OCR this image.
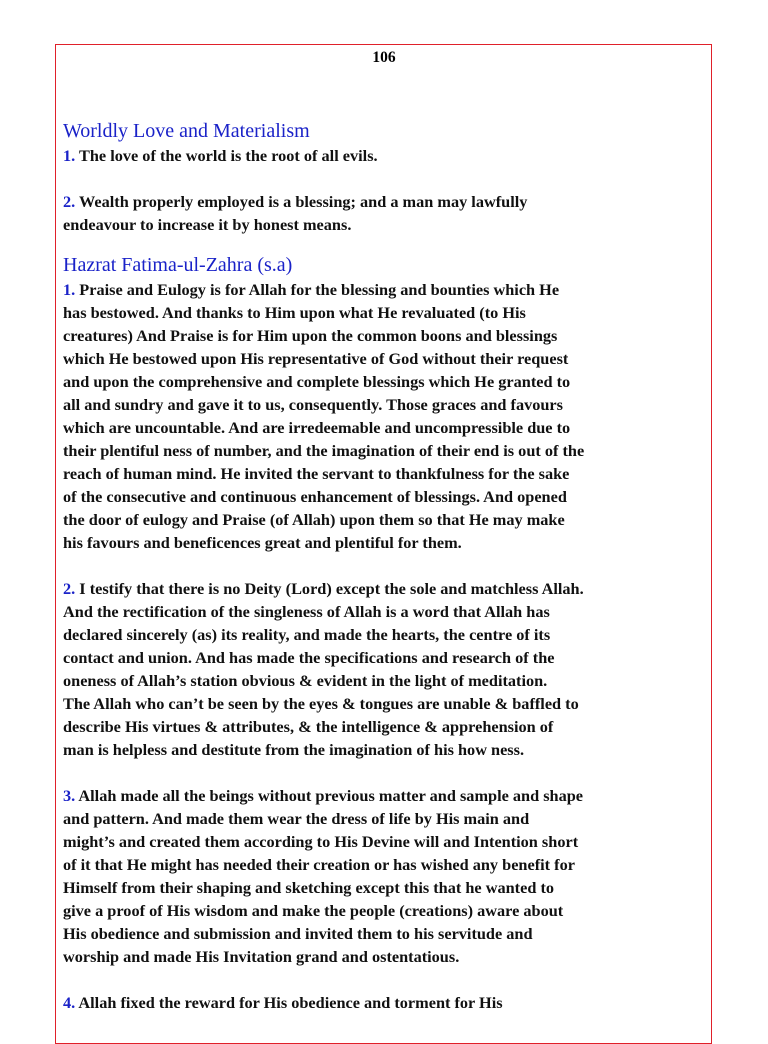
106
Worldly Love and Materialism
1. The love of the world is the root of all evils.
2. Wealth properly employed is a blessing; and a man may lawfully
endeavour to increase it by honest means.
Hazrat Fatima-ul-Zahra (s.a)
1. Praise and Eulogy is for Allah for the blessing and bounties which He
has bestowed. And thanks to Him upon what He revaluated (to His
creatures) And Praise is for Him upon the common boons and blessings
which He bestowed upon His representative of God without their request
and upon the comprehensive and complete blessings which He granted to
all and sundry and gave it to us, consequently. Those graces and favours
which are uncountable. And are irredeemable and uncompressible due to
their plentiful ness of number, and the imagination of their end is out of the
reach of human mind. He invited the servant to thankfulness for the sake
of the consecutive and continuous enhancement of blessings. And opened
the door of eulogy and Praise (of Allah) upon them so that He may make
his favours and beneficences great and plentiful for them.
2. I testify that there is no Deity (Lord) except the sole and matchless Allah.
And the rectification of the singleness of Allah is a word that Allah has
declared sincerely (as) its reality, and made the hearts, the centre of its
contact and union. And has made the specifications and research of the
oneness of Allah’s station obvious & evident in the light of meditation.
The Allah who can’t be seen by the eyes & tongues are unable & baffled to
describe His virtues & attributes, & the intelligence & apprehension of
man is helpless and destitute from the imagination of his how ness.
3. Allah made all the beings without previous matter and sample and shape
and pattern. And made them wear the dress of life by His main and
might’s and created them according to His Devine will and Intention short
of it that He might has needed their creation or has wished any benefit for
Himself from their shaping and sketching except this that he wanted to
give a proof of His wisdom and make the people (creations) aware about
His obedience and submission and invited them to his servitude and
worship and made His Invitation grand and ostentatious.
4. Allah fixed the reward for His obedience and torment for His
